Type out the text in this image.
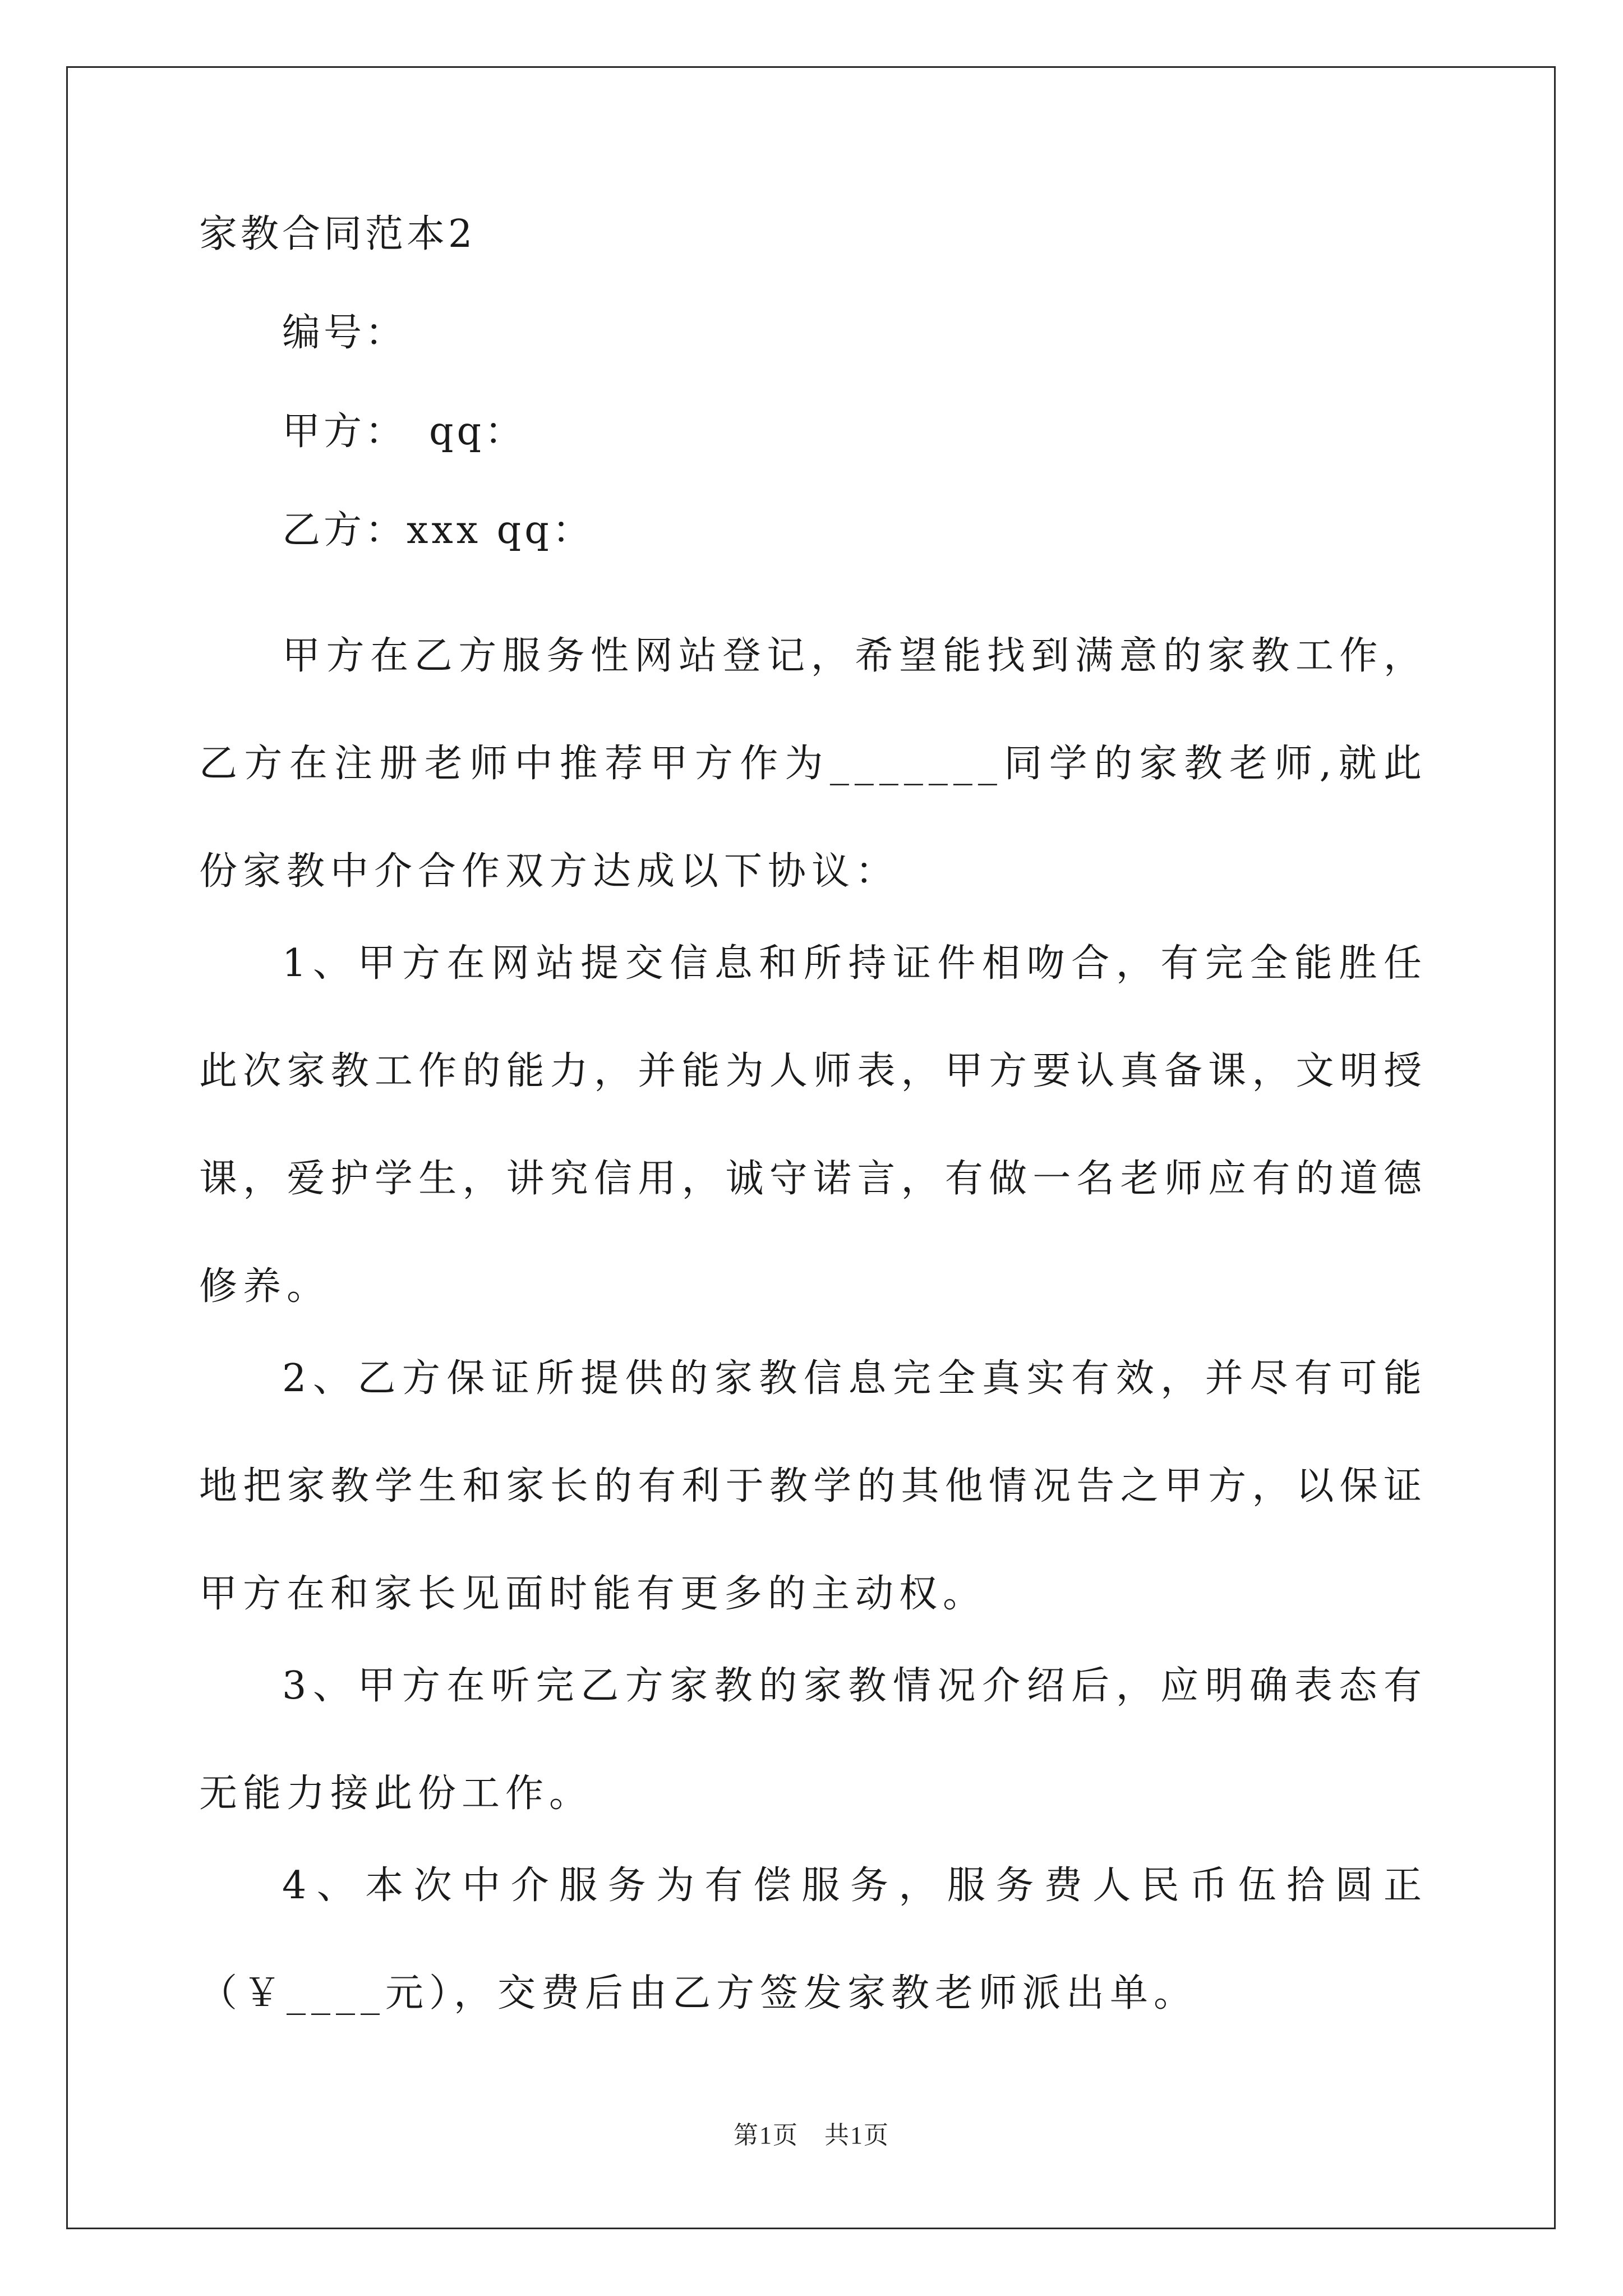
家教合同范本2

编号：

甲方：　qq：

乙方：xxx qq：

甲方在乙方服务性网站登记，希望能找到满意的家教工作，乙方在注册老师中推荐甲方作为_______同学的家教老师,就此份家教中介合作双方达成以下协议：

1、甲方在网站提交信息和所持证件相吻合，有完全能胜任此次家教工作的能力，并能为人师表，甲方要认真备课，文明授课，爱护学生，讲究信用，诚守诺言，有做一名老师应有的道德修养。

2、乙方保证所提供的家教信息完全真实有效，并尽有可能地把家教学生和家长的有利于教学的其他情况告之甲方，以保证甲方在和家长见面时能有更多的主动权。

3、甲方在听完乙方家教的家教情况介绍后，应明确表态有无能力接此份工作。

4、本次中介服务为有偿服务，服务费人民币伍拾圆正（￥____元），交费后由乙方签发家教老师派出单。

第1页　共1页
